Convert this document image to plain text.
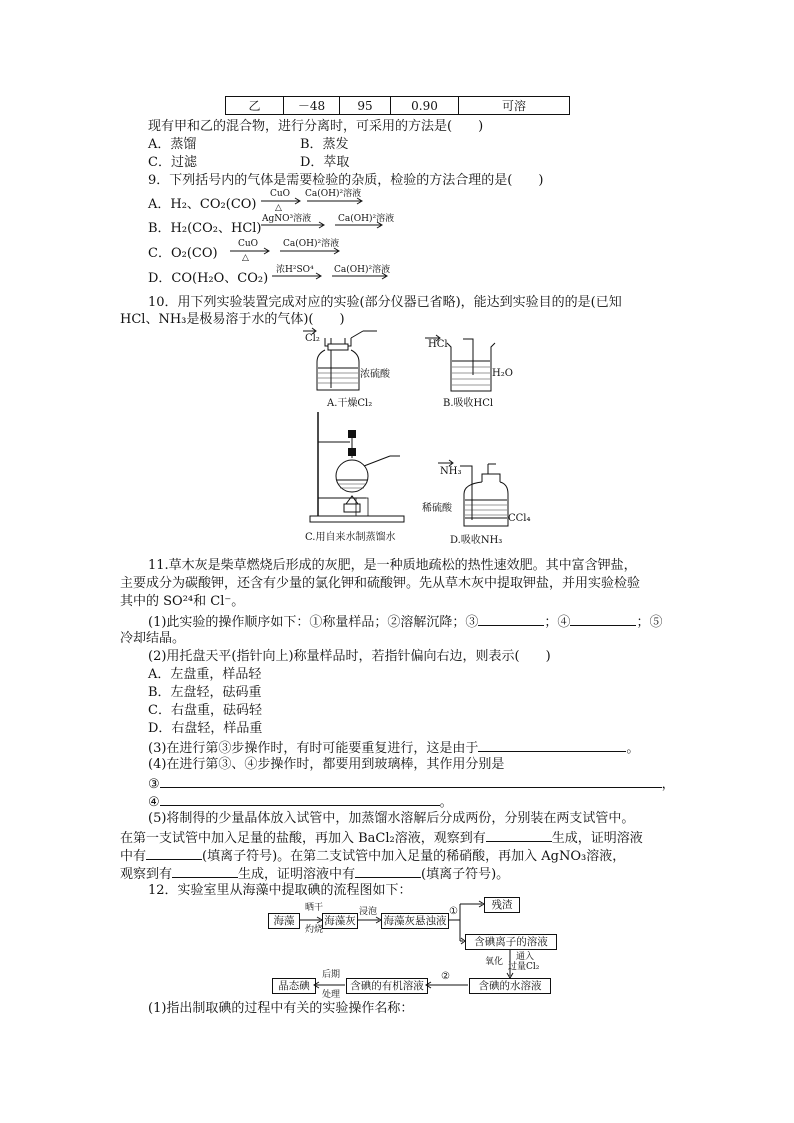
乙	－48	95	0.90	可溶
现有甲和乙的混合物，进行分离时，可采用的方法是(　　)
A．蒸馏	B．蒸发
C．过滤	D．萃取
9．下列括号内的气体是需要检验的杂质，检验的方法合理的是(　　)
A．H₂、CO₂(CO)
CuO
△
Ca(OH)²溶液
B．H₂(CO₂、HCl)
AgNO³溶液	Ca(OH)²溶液
C．O₂(CO)
CuO
△
Ca(OH)²溶液
D．CO(H₂O、CO₂)
浓H²SO⁴ Ca(OH)²溶液
10．用下列实验装置完成对应的实验(部分仪器已省略)，能达到实验目的的是(已知
HCl、NH₃是极易溶于水的气体)(　　)
Cl₂
浓硫酸
A.干燥Cl₂
HCl
H₂O
B.吸收HCl
C.用自来水制蒸馏水
NH₃
稀硫酸
CCl₄
D.吸收NH₃
11.草木灰是柴草燃烧后形成的灰肥，是一种质地疏松的热性速效肥。其中富含钾盐，
主要成分为碳酸钾，还含有少量的氯化钾和硫酸钾。先从草木灰中提取钾盐，并用实验检验
其中的 SO²⁴和 Cl⁻。
(1)此实验的操作顺序如下：①称量样品；②溶解沉降；③	；④	；⑤
冷却结晶。
(2)用托盘天平(指针向上)称量样品时，若指针偏向右边，则表示(　　)
A．左盘重，样品轻
B．左盘轻，砝码重
C．右盘重，砝码轻
D．右盘轻，样品重
(3)在进行第③步操作时，有时可能要重复进行，这是由于	。
(4)在进行第③、④步操作时，都要用到玻璃棒，其作用分别是
③	，
④	。
(5)将制得的少量晶体放入试管中，加蒸馏水溶解后分成两份，分别装在两支试管中。
在第一支试管中加入足量的盐酸，再加入 BaCl₂溶液，观察到有	生成，证明溶液
中有	(填离子符号)。在第二支试管中加入足量的稀硝酸，再加入 AgNO₃溶液，
观察到有	生成，证明溶液中有	(填离子符号)。
12．实验室里从海藻中提取碘的流程图如下：
海藻
晒干
灼烧
海藻灰
浸泡
海藻灰悬浊液
①
残渣
含碘离子的溶液
氧化 通入
过量Cl₂
含碘的水溶液
②
含碘的有机溶液
后期
处理
晶态碘
(1)指出制取碘的过程中有关的实验操作名称：
